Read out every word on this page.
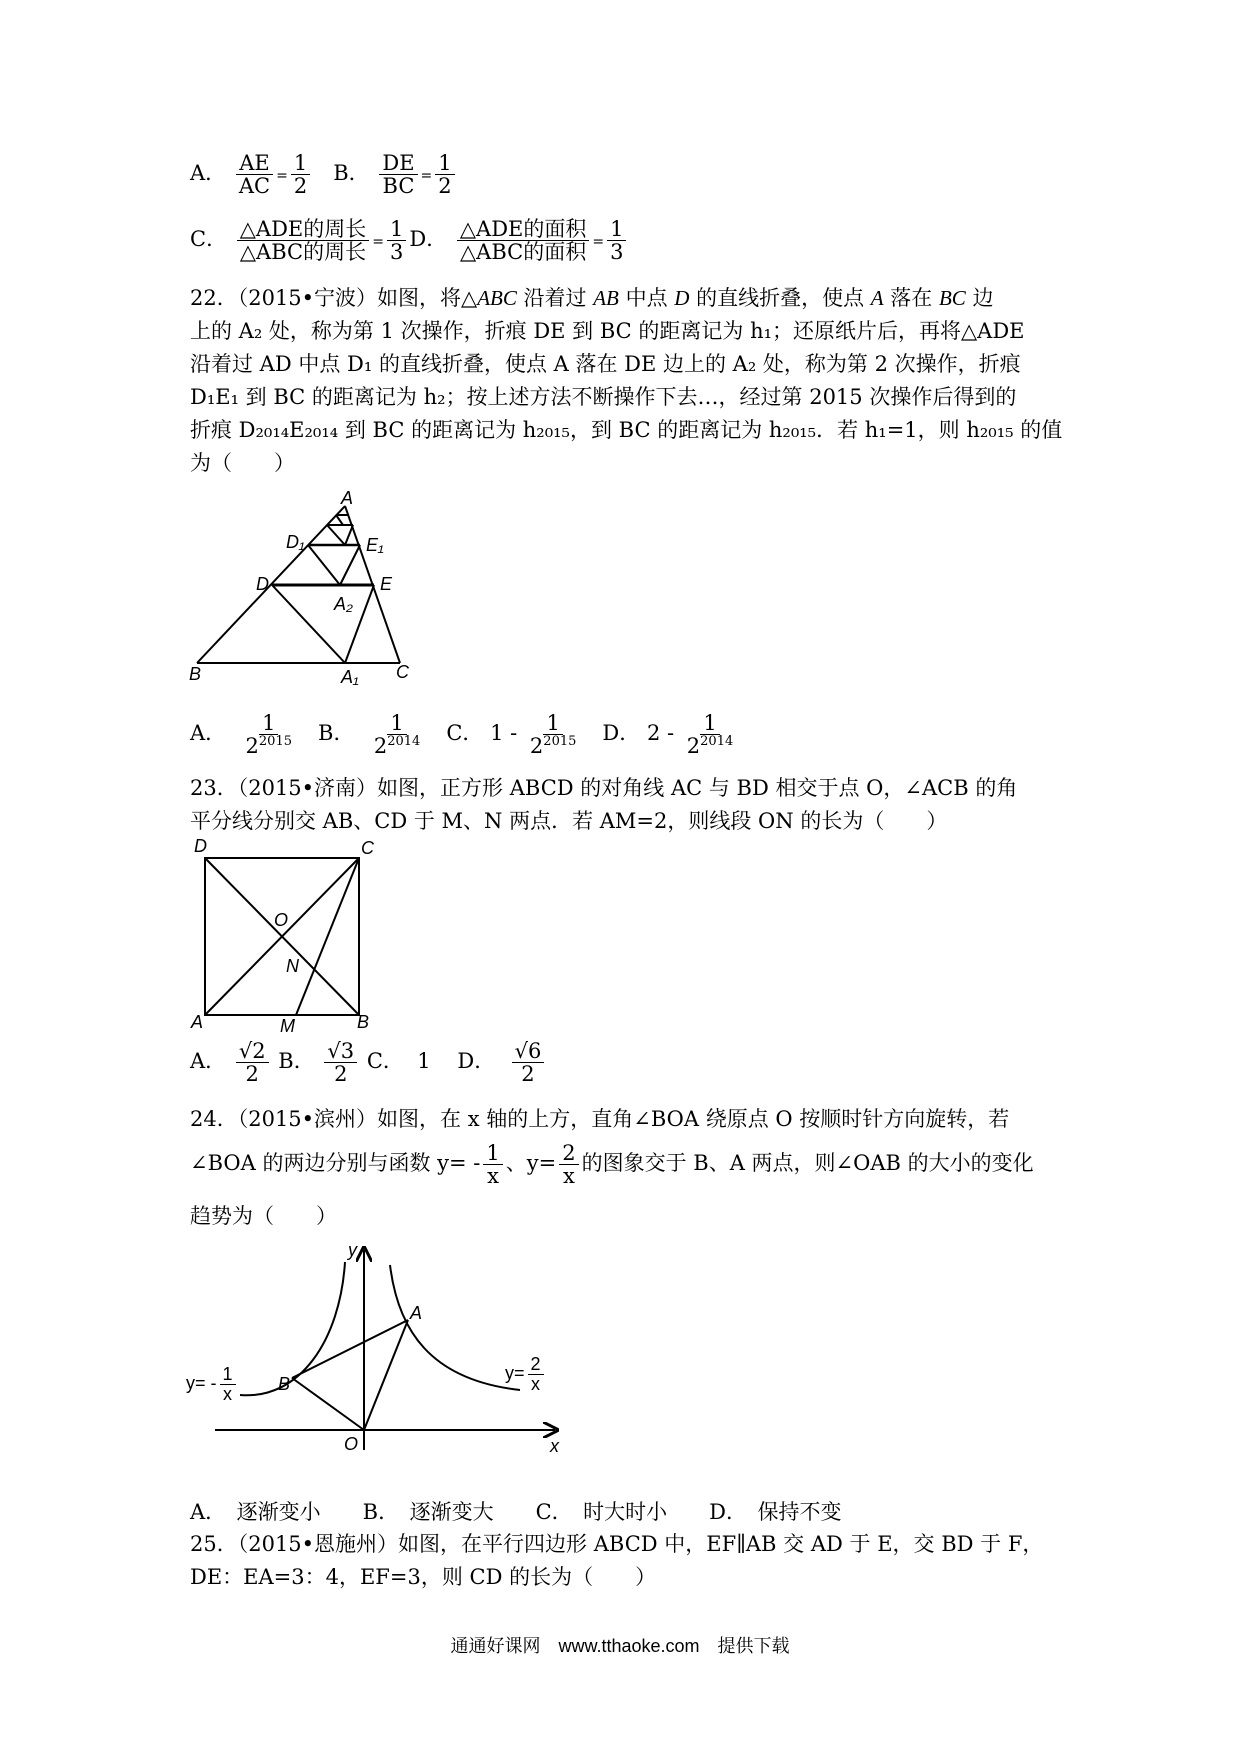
A． $\frac{AE}{AC} = \frac{1}{2}$ B． $\frac{DE}{BC} = \frac{1}{2}$
C． $\frac{\text{△ADE的周长}}{\text{△ABC的周长}} = \frac{1}{3}$ D． $\frac{\text{△ADE的面积}}{\text{△ABC的面积}} = \frac{1}{3}$
22．（2015•宁波）如图，将△ABC 沿着过 AB 中点 D 的直线折叠，使点 A 落在 BC 边
上的 A₂ 处，称为第 1 次操作，折痕 DE 到 BC 的距离记为 h₁；还原纸片后，再将△ADE
沿着过 AD 中点 D₁ 的直线折叠，使点 A 落在 DE 边上的 A₂ 处，称为第 2 次操作，折痕
D₁E₁ 到 BC 的距离记为 h₂；按上述方法不断操作下去…，经过第 2015 次操作后得到的
折痕 D₂₀₁₄E₂₀₁₄ 到 BC 的距离记为 h₂₀₁₅，到 BC 的距离记为 h₂₀₁₅．若 h₁=1，则 h₂₀₁₅ 的值
为（　　）
A
D₁	E₁
D	E
A₂
B	A₁ C
A． $\frac{1}{2^{2015}}$ B． $\frac{1}{2^{2014}}$ C． $1 - \frac{1}{2^{2015}}$ D． $2 - \frac{1}{2^{2014}}$
23．（2015•济南）如图，正方形 ABCD 的对角线 AC 与 BD 相交于点 O，∠ACB 的角
平分线分别交 AB、CD 于 M、N 两点．若 AM=2，则线段 ON 的长为（　　）
D	C
O
N
A	M	B
A． $\frac{√2}{2}$ B． $\frac{√3}{2}$ C． 1 D． $\frac{√6}{2}$
24．（2015•滨州）如图，在 x 轴的上方，直角∠BOA 绕原点 O 按顺时针方向旋转，若
∠BOA 的两边分别与函数 $y= - \frac{1}{x}$ 、$y= \frac{2}{x}$ 的图象交于 B、A 两点，则∠OAB 的大小的变化
趋势为（　　）
y
A
B
O	x
$y= - \frac{1}{x}$	$y= \frac{2}{x}$
A．　逐渐变小　　B．　逐渐变大　　C．　时大时小　　D．　保持不变
25．（2015•恩施州）如图，在平行四边形 ABCD 中，EF∥AB 交 AD 于 E，交 BD 于 F，
DE：EA=3：4，EF=3，则 CD 的长为（　　）
通通好课网　www.tthaoke.com　提供下载
